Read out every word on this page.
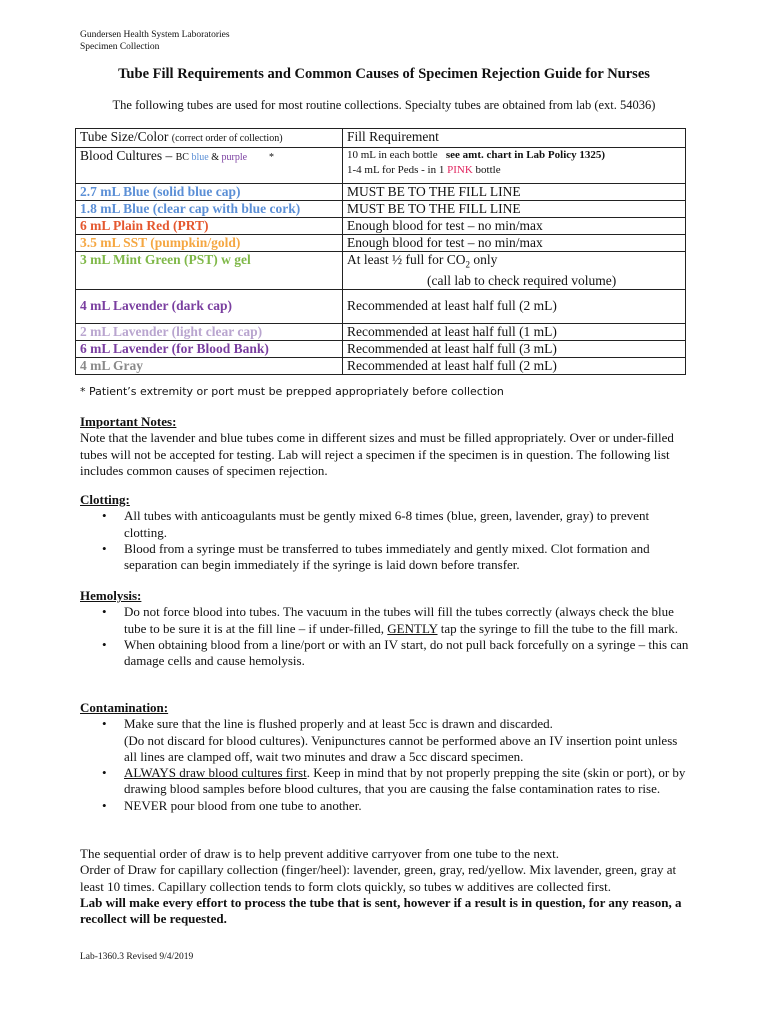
Gundersen Health System Laboratories
Specimen Collection
Tube Fill Requirements and Common Causes of Specimen Rejection Guide for Nurses
The following tubes are used for most routine collections. Specialty tubes are obtained from lab (ext. 54036)
Tube Size/Color (correct order of collection)	Fill Requirement
Blood Cultures – BC blue & purple *	10 mL in each bottle see amt. chart in Lab Policy 1325)
1-4 mL for Peds - in 1 PINK bottle

2.7 mL Blue (solid blue cap)	MUST BE TO THE FILL LINE
1.8 mL Blue (clear cap with blue cork)	MUST BE TO THE FILL LINE
6 mL Plain Red (PRT)	Enough blood for test – no min/max
3.5 mL SST (pumpkin/gold)	Enough blood for test – no min/max
3 mL Mint Green (PST) w gel	At least ½ full for $CO_2$ only
(call lab to check required volume)

4 mL Lavender (dark cap)	Recommended at least half full (2 mL)
2 mL Lavender (light clear cap)	Recommended at least half full (1 mL)
6 mL Lavender (for Blood Bank)	Recommended at least half full (3 mL)
4 mL Gray	Recommended at least half full (2 mL)
* Patient’s extremity or port must be prepped appropriately before collection
Important Notes:
Note that the lavender and blue tubes come in different sizes and must be filled appropriately. Over or under-filled tubes will not be accepted for testing. Lab will reject a specimen if the specimen is in question. The following list includes common causes of specimen rejection.
Clotting:
• All tubes with anticoagulants must be gently mixed 6-8 times (blue, green, lavender, gray) to prevent clotting.
• Blood from a syringe must be transferred to tubes immediately and gently mixed. Clot formation and separation can begin immediately if the syringe is laid down before transfer.
Hemolysis:
• Do not force blood into tubes. The vacuum in the tubes will fill the tubes correctly (always check the blue tube to be sure it is at the fill line – if under-filled, GENTLY tap the syringe to fill the tube to the fill mark.
• When obtaining blood from a line/port or with an IV start, do not pull back forcefully on a syringe – this can damage cells and cause hemolysis.
Contamination:
• Make sure that the line is flushed properly and at least 5cc is drawn and discarded.
(Do not discard for blood cultures). Venipunctures cannot be performed above an IV insertion point unless all lines are clamped off, wait two minutes and draw a 5cc discard specimen.
• ALWAYS draw blood cultures first. Keep in mind that by not properly prepping the site (skin or port), or by drawing blood samples before blood cultures, that you are causing the false contamination rates to rise.
• NEVER pour blood from one tube to another.
The sequential order of draw is to help prevent additive carryover from one tube to the next.
Order of Draw for capillary collection (finger/heel): lavender, green, gray, red/yellow. Mix lavender, green, gray at least 10 times. Capillary collection tends to form clots quickly, so tubes w additives are collected first.
Lab will make every effort to process the tube that is sent, however if a result is in question, for any reason, a recollect will be requested.
Lab-1360.3 Revised 9/4/2019
